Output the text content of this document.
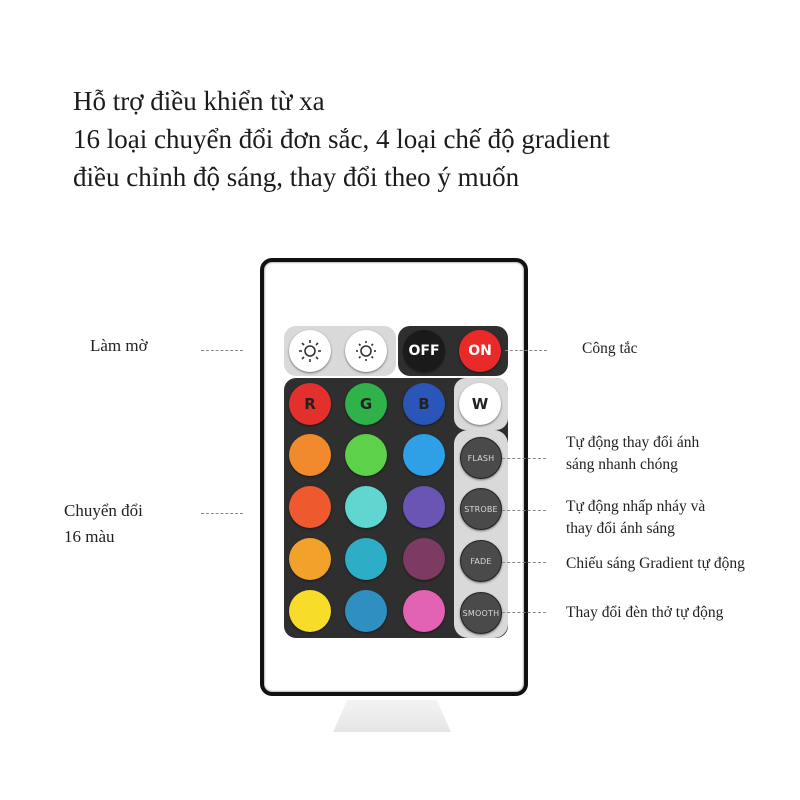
Hỗ trợ điều khiển từ xa
16 loại chuyển đổi đơn sắc, 4 loại chế độ gradient
điều chỉnh độ sáng, thay đổi theo ý muốn
OFF	ON
R	G	B	W
FLASH
STROBE
FADE
SMOOTH
Làm mờ
Chuyển đổi
16 màu
Công tắc
Tự động thay đổi ánh
sáng nhanh chóng
Tự động nhấp nháy và
thay đổi ánh sáng
Chiếu sáng Gradient tự động
Thay đổi đèn thở tự động
